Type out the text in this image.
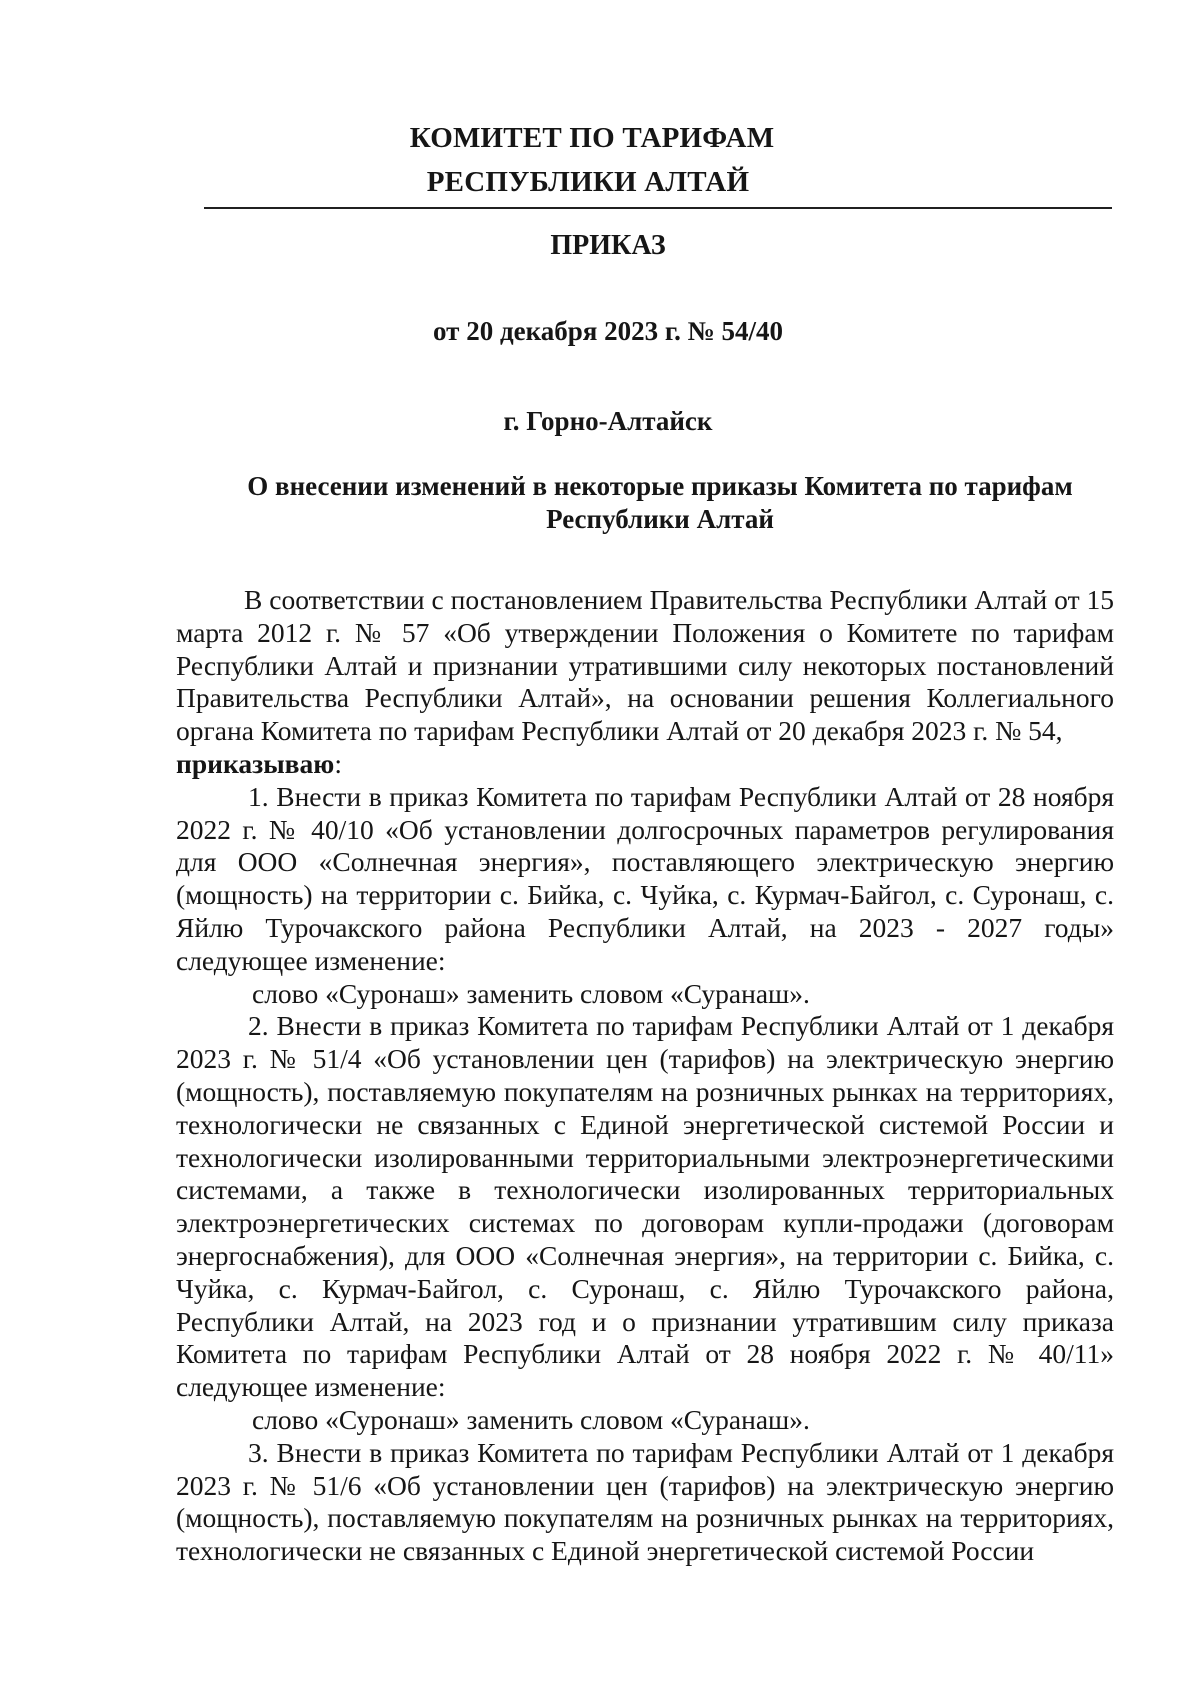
КОМИТЕТ ПО ТАРИФАМ
РЕСПУБЛИКИ АЛТАЙ
ПРИКАЗ
от 20 декабря 2023 г. № 54/40
г. Горно-Алтайск
О внесении изменений в некоторые приказы Комитета по тарифам
Республики Алтай

В соответствии с постановлением Правительства Республики Алтай от 15 марта 2012 г. № 57 «Об утверждении Положения о Комитете по тарифам Республики Алтай и признании утратившими силу некоторых постановлений Правительства Республики Алтай», на основании решения Коллегиального органа Комитета по тарифам Республики Алтай от 20 декабря 2023 г. № 54,

приказываю:

1. Внести в приказ Комитета по тарифам Республики Алтай от 28 ноября 2022 г. № 40/10 «Об установлении долгосрочных параметров регулирования для ООО «Солнечная энергия», поставляющего электрическую энергию (мощность) на территории с. Бийка, с. Чуйка, с. Курмач-Байгол, с. Суронаш, с. Яйлю Турочакского района Республики Алтай, на 2023 - 2027 годы» следующее изменение:

слово «Суронаш» заменить словом «Суранаш».

2. Внести в приказ Комитета по тарифам Республики Алтай от 1 декабря 2023 г. № 51/4 «Об установлении цен (тарифов) на электрическую энергию (мощность), поставляемую покупателям на розничных рынках на территориях, технологически не связанных с Единой энергетической системой России и технологически изолированными территориальными электроэнергетическими системами, а также в технологически изолированных территориальных электроэнергетических системах по договорам купли-продажи (договорам энергоснабжения), для ООО «Солнечная энергия», на территории с. Бийка, с. Чуйка, с. Курмач-Байгол, с. Суронаш, с. Яйлю Турочакского района, Республики Алтай, на 2023 год и о признании утратившим силу приказа Комитета по тарифам Республики Алтай от 28 ноября 2022 г. № 40/11» следующее изменение:

слово «Суронаш» заменить словом «Суранаш».

3. Внести в приказ Комитета по тарифам Республики Алтай от 1 декабря 2023 г. № 51/6 «Об установлении цен (тарифов) на электрическую энергию (мощность), поставляемую покупателям на розничных рынках на территориях, технологически не связанных с Единой энергетической системой России
